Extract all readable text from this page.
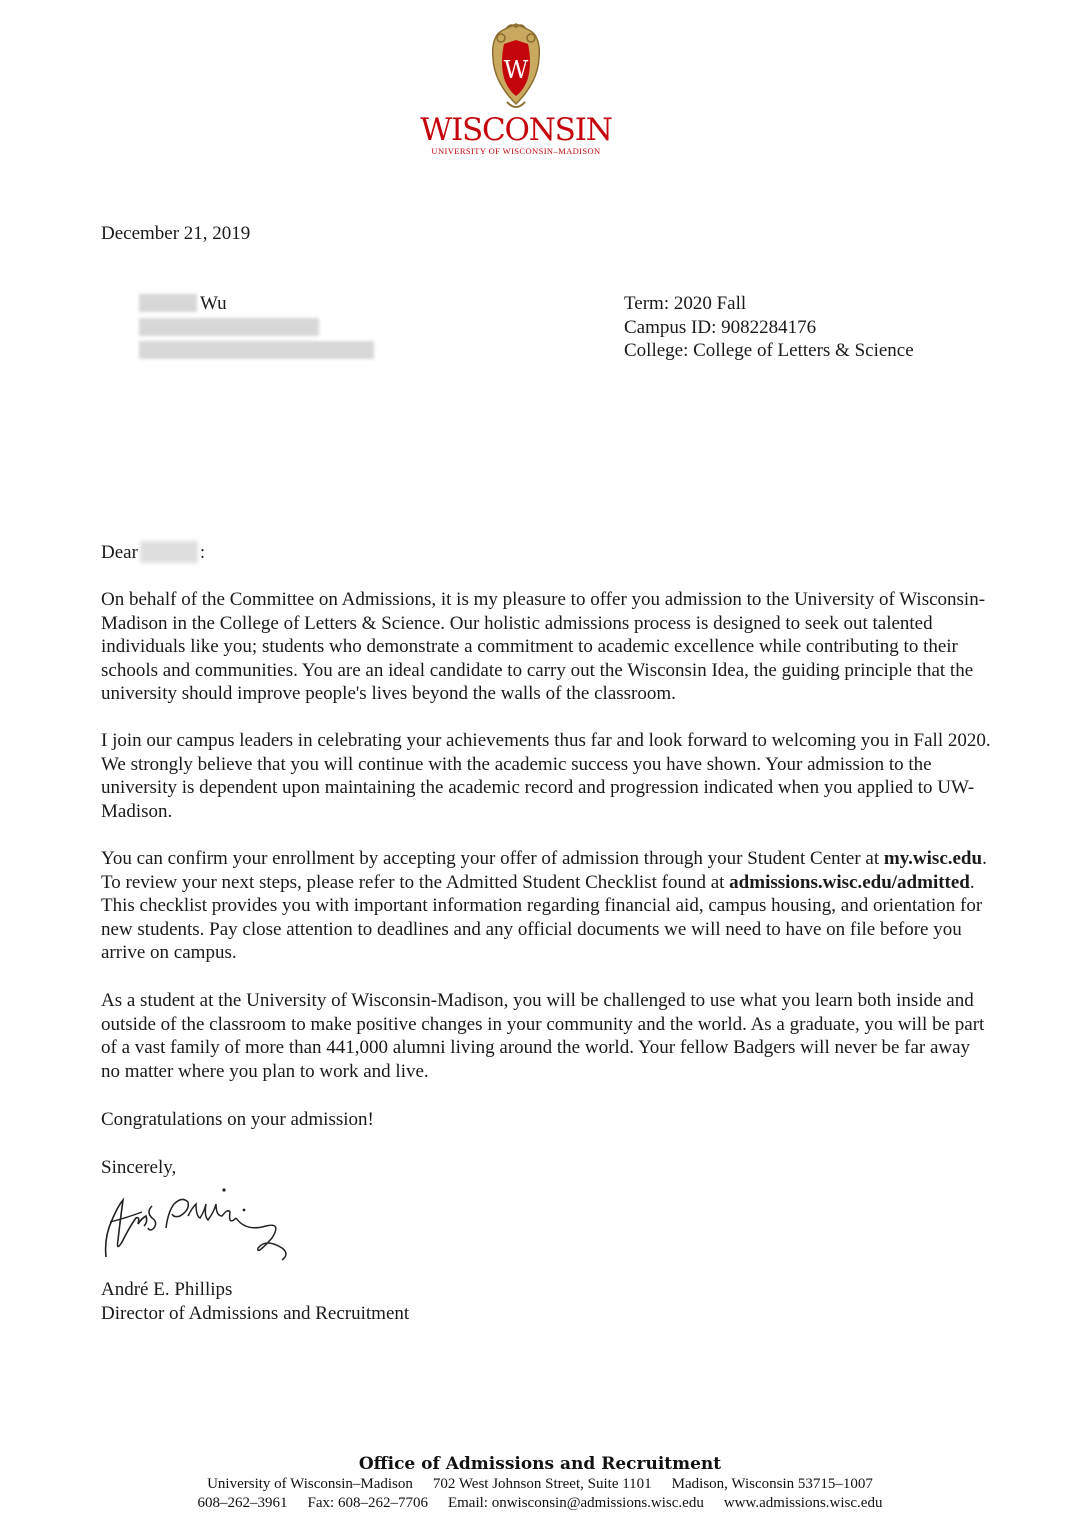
W
WISCONSIN
UNIVERSITY OF WISCONSIN–MADISON
December 21, 2019
Wu	Term: 2020 Fall
Campus ID: 9082284176
College: College of Letters & Science
Dear	:
On behalf of the Committee on Admissions, it is my pleasure to offer you admission to the University of Wisconsin-Madison in the College of Letters & Science. Our holistic admissions process is designed to seek out talented individuals like you; students who demonstrate a commitment to academic excellence while contributing to their schools and communities. You are an ideal candidate to carry out the Wisconsin Idea, the guiding principle that the university should improve people's lives beyond the walls of the classroom.
I join our campus leaders in celebrating your achievements thus far and look forward to welcoming you in Fall 2020. We strongly believe that you will continue with the academic success you have shown. Your admission to the university is dependent upon maintaining the academic record and progression indicated when you applied to UW-Madison.
You can confirm your enrollment by accepting your offer of admission through your Student Center at my.wisc.edu. To review your next steps, please refer to the Admitted Student Checklist found at admissions.wisc.edu/admitted. This checklist provides you with important information regarding financial aid, campus housing, and orientation for new students. Pay close attention to deadlines and any official documents we will need to have on file before you arrive on campus.
As a student at the University of Wisconsin-Madison, you will be challenged to use what you learn both inside and outside of the classroom to make positive changes in your community and the world. As a graduate, you will be part of a vast family of more than 441,000 alumni living around the world. Your fellow Badgers will never be far away no matter where you plan to work and live.
Congratulations on your admission!
Sincerely,
André E. Phillips
Director of Admissions and Recruitment
Office of Admissions and Recruitment
University of Wisconsin–Madison 702 West Johnson Street, Suite 1101 Madison, Wisconsin 53715–1007
608–262–3961 Fax: 608–262–7706 Email: onwisconsin@admissions.wisc.edu www.admissions.wisc.edu
